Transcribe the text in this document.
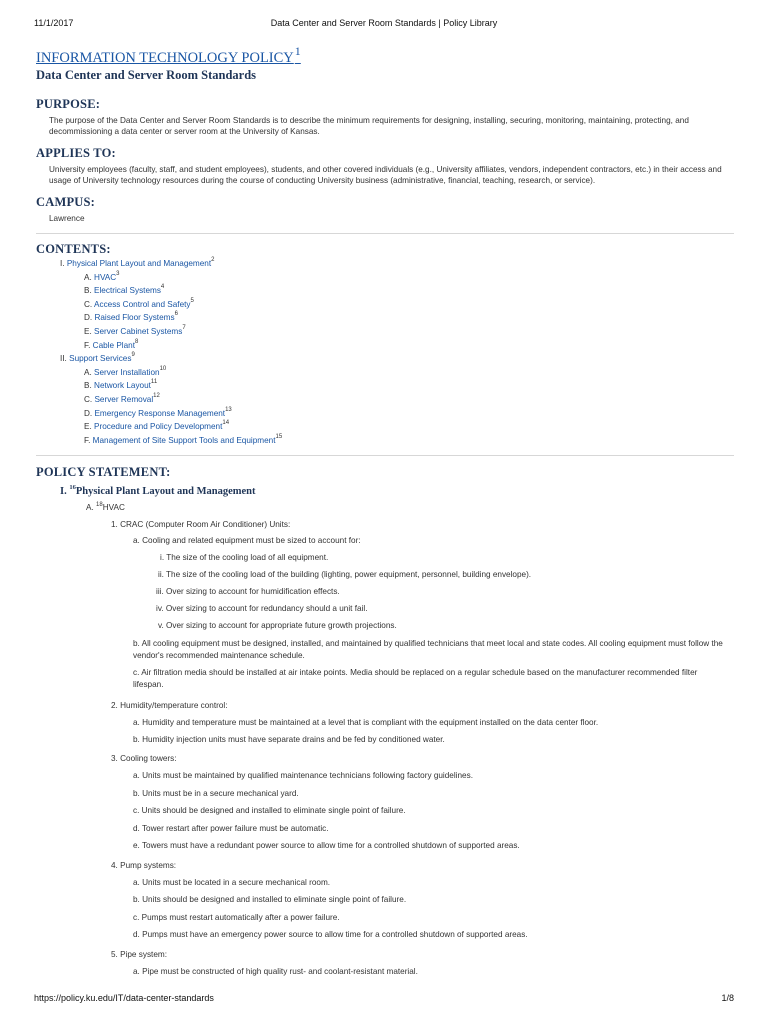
11/1/2017	Data Center and Server Room Standards | Policy Library
INFORMATION TECHNOLOGY POLICY$^1$
Data Center and Server Room Standards
PURPOSE:

The purpose of the Data Center and Server Room Standards is to describe the minimum requirements for designing, installing, securing, monitoring, maintaining, protecting, and decommissioning a data center or server room at the University of Kansas.

APPLIES TO:

University employees (faculty, staff, and student employees), students, and other covered individuals (e.g., University affiliates, vendors, independent contractors, etc.) in their access and usage of University technology resources during the course of conducting University business (administrative, financial, teaching, research, or service).

CAMPUS:

Lawrence

CONTENTS:
I. Physical Plant Layout and Management$^2$
A. HVAC$^3$
B. Electrical Systems$^4$
C. Access Control and Safety$^5$
D. Raised Floor Systems$^6$
E. Server Cabinet Systems$^7$
F. Cable Plant$^8$
II. Support Services$^9$
A. Server Installation$^{10}$
B. Network Layout$^{11}$
C. Server Removal$^{12}$
D. Emergency Response Management$^{13}$
E. Procedure and Policy Development$^{14}$
F. Management of Site Support Tools and Equipment$^{15}$
POLICY STATEMENT:
I. $^{16}$Physical Plant Layout and Management
A. $^{18}$HVAC
1. CRAC (Computer Room Air Conditioner) Units:
a. Cooling and related equipment must be sized to account for:
i. The size of the cooling load of all equipment.
ii. The size of the cooling load of the building (lighting, power equipment, personnel, building envelope).
iii. Over sizing to account for humidification effects.
iv. Over sizing to account for redundancy should a unit fail.
v. Over sizing to account for appropriate future growth projections.
b. All cooling equipment must be designed, installed, and maintained by qualified technicians that meet local and state codes. All cooling equipment must follow the vendor's recommended maintenance schedule.
c. Air filtration media should be installed at air intake points. Media should be replaced on a regular schedule based on the manufacturer recommended filter lifespan.
2. Humidity/temperature control:
a. Humidity and temperature must be maintained at a level that is compliant with the equipment installed on the data center floor.
b. Humidity injection units must have separate drains and be fed by conditioned water.
3. Cooling towers:
a. Units must be maintained by qualified maintenance technicians following factory guidelines.
b. Units must be in a secure mechanical yard.
c. Units should be designed and installed to eliminate single point of failure.
d. Tower restart after power failure must be automatic.
e. Towers must have a redundant power source to allow time for a controlled shutdown of supported areas.
4. Pump systems:
a. Units must be located in a secure mechanical room.
b. Units should be designed and installed to eliminate single point of failure.
c. Pumps must restart automatically after a power failure.
d. Pumps must have an emergency power source to allow time for a controlled shutdown of supported areas.
5. Pipe system:
a. Pipe must be constructed of high quality rust- and coolant-resistant material.
https://policy.ku.edu/IT/data-center-standards	1/8
